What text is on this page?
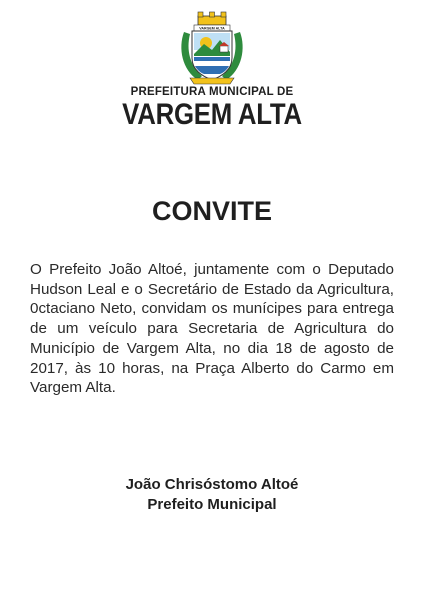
VARGEM ALTA
PREFEITURA MUNICIPAL DE
VARGEM ALTA
CONVITE
O Prefeito João Altoé, juntamente com o Deputado Hudson Leal e o Secretário de Estado da Agricultura, 0ctaciano Neto, convidam os munícipes para entrega de um veículo para Secretaria de Agricultura do Município de Vargem Alta, no dia 18 de agosto de 2017, às 10 horas, na Praça Alberto do Carmo em Vargem Alta.
João Chrisóstomo Altoé
Prefeito Municipal
